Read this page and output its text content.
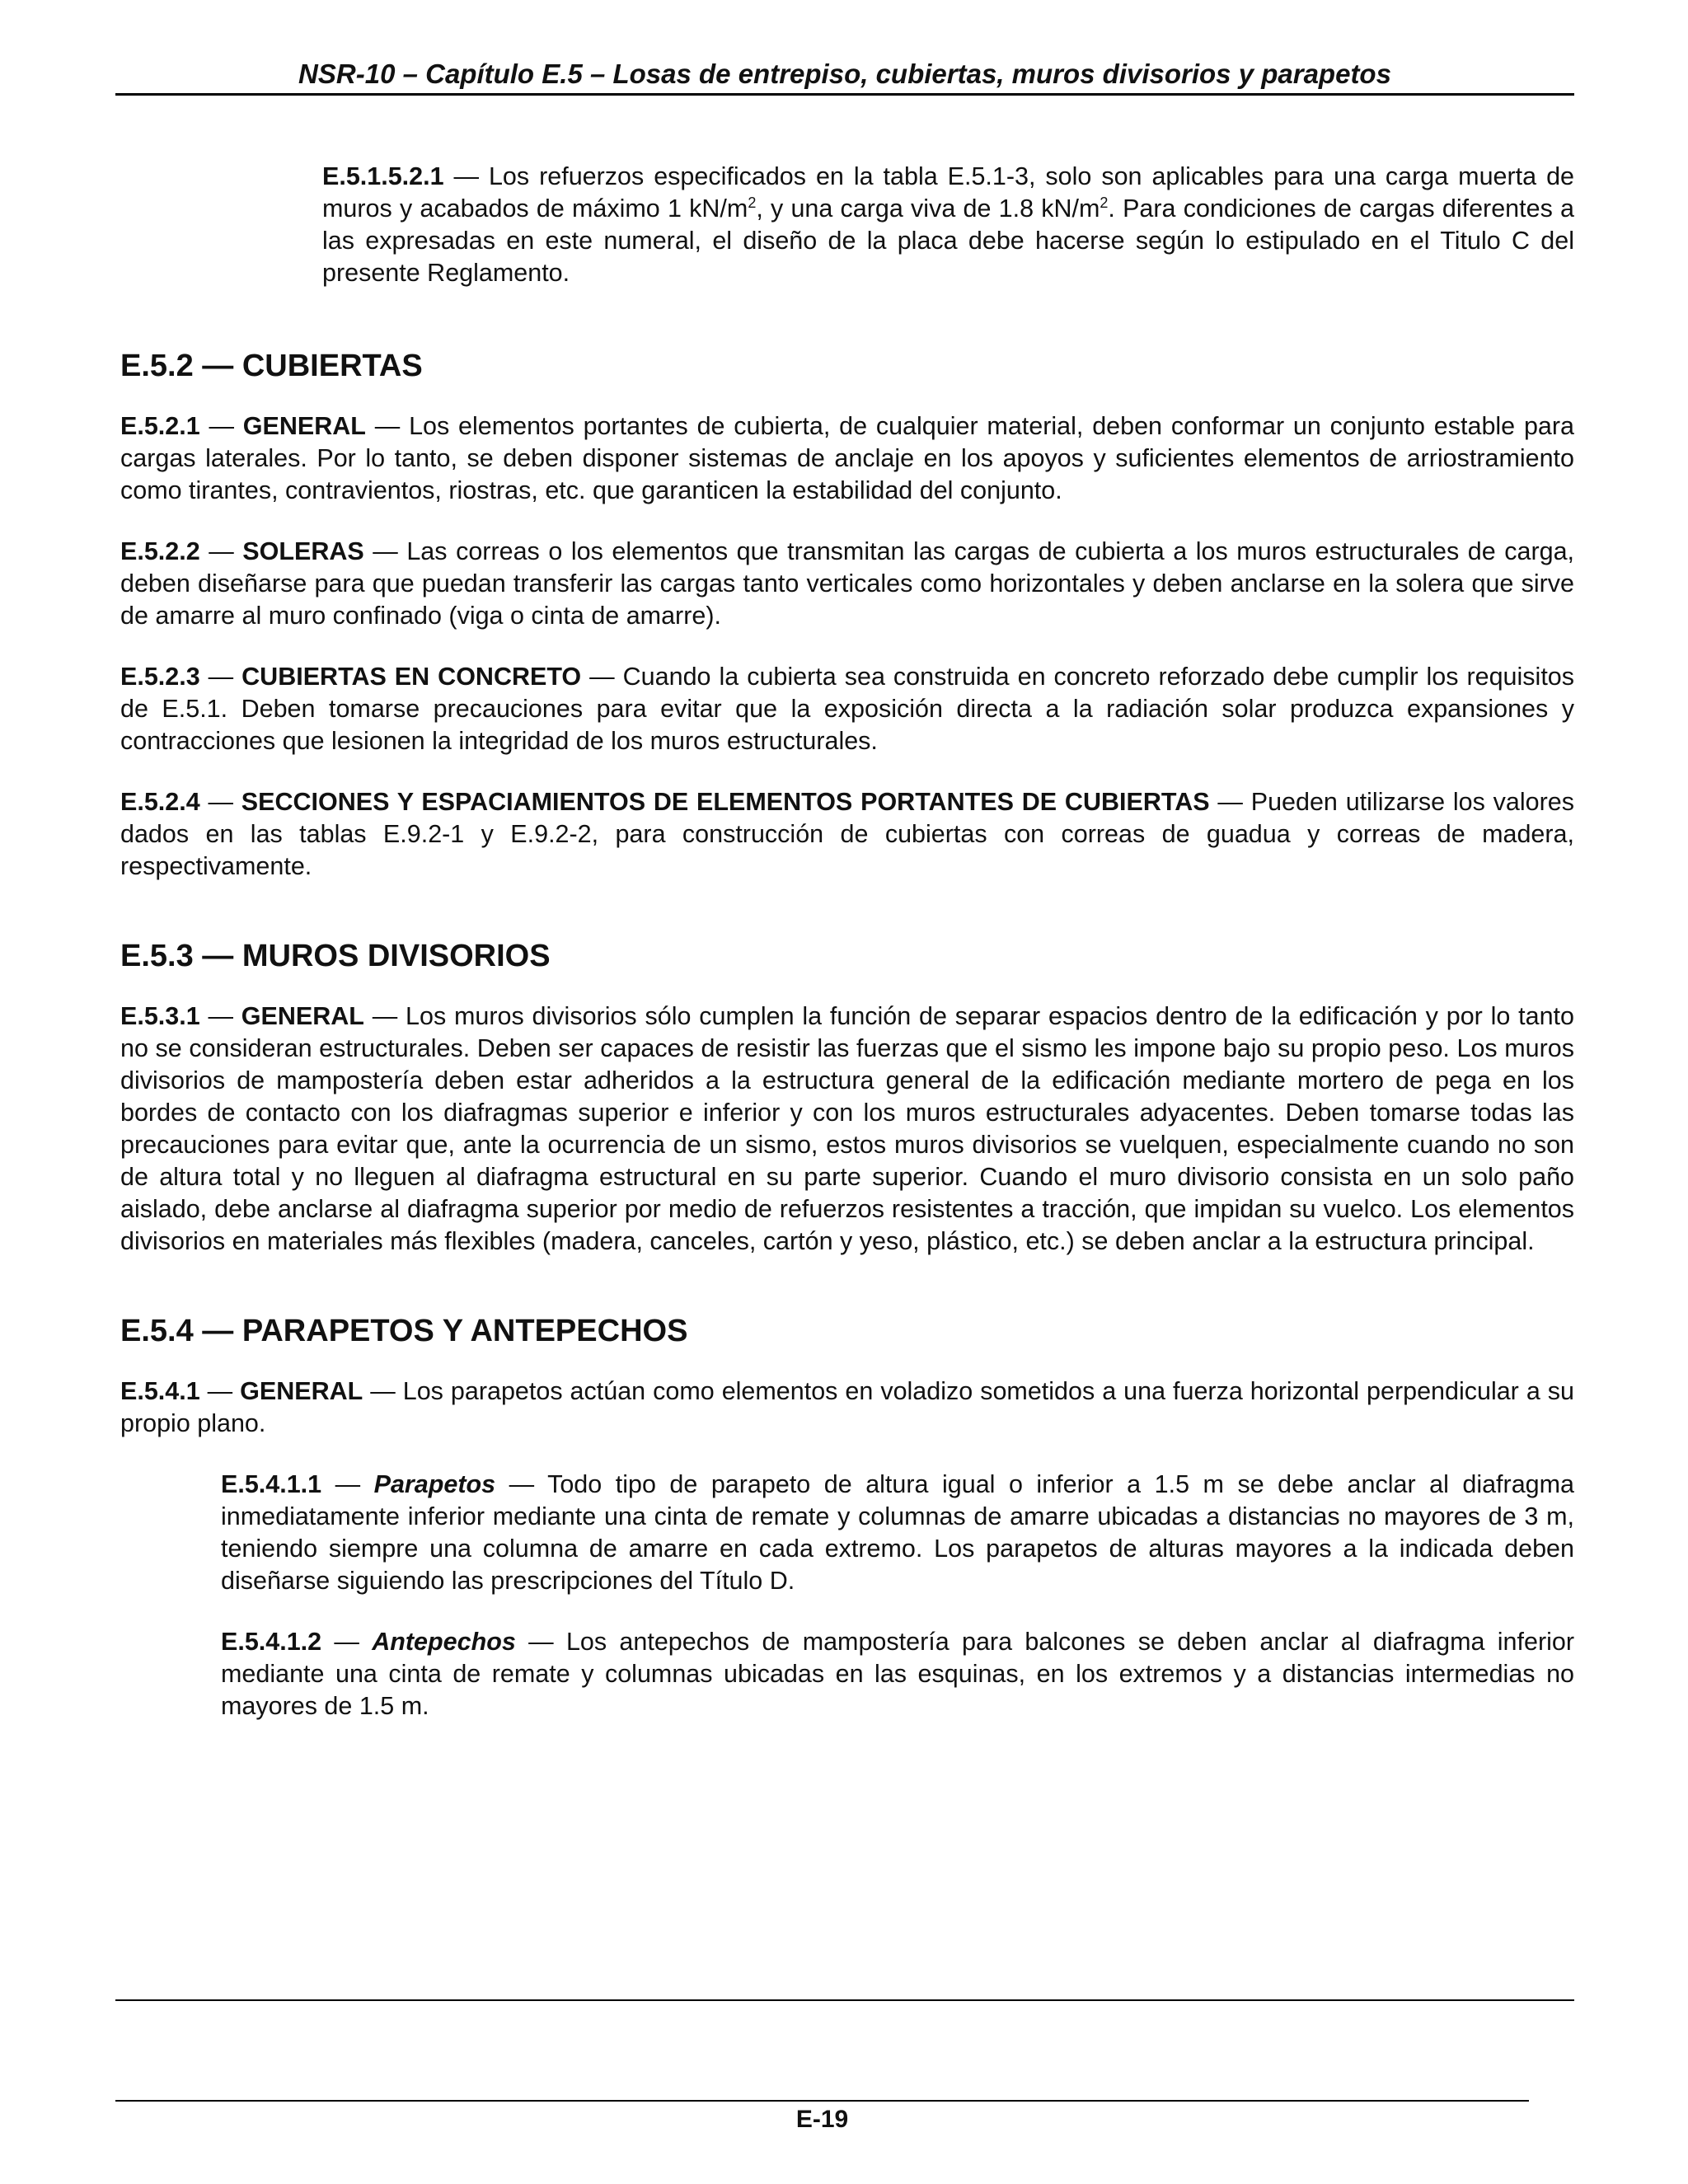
NSR-10 – Capítulo E.5 – Losas de entrepiso, cubiertas, muros divisorios y parapetos

E.5.1.5.2.1 — Los refuerzos especificados en la tabla E.5.1-3, solo son aplicables para una carga muerta de muros y acabados de máximo 1 $kN/m^2$, y una carga viva de 1.8 $kN/m^2$. Para condiciones de cargas diferentes a las expresadas en este numeral, el diseño de la placa debe hacerse según lo estipulado en el Titulo C del presente Reglamento.

E.5.2 — CUBIERTAS

E.5.2.1 — GENERAL — Los elementos portantes de cubierta, de cualquier material, deben conformar un conjunto estable para cargas laterales. Por lo tanto, se deben disponer sistemas de anclaje en los apoyos y suficientes elementos de arriostramiento como tirantes, contravientos, riostras, etc. que garanticen la estabilidad del conjunto.

E.5.2.2 — SOLERAS — Las correas o los elementos que transmitan las cargas de cubierta a los muros estructurales de carga, deben diseñarse para que puedan transferir las cargas tanto verticales como horizontales y deben anclarse en la solera que sirve de amarre al muro confinado (viga o cinta de amarre).

E.5.2.3 — CUBIERTAS EN CONCRETO — Cuando la cubierta sea construida en concreto reforzado debe cumplir los requisitos de E.5.1. Deben tomarse precauciones para evitar que la exposición directa a la radiación solar produzca expansiones y contracciones que lesionen la integridad de los muros estructurales.

E.5.2.4 — SECCIONES Y ESPACIAMIENTOS DE ELEMENTOS PORTANTES DE CUBIERTAS — Pueden utilizarse los valores dados en las tablas E.9.2-1 y E.9.2-2, para construcción de cubiertas con correas de guadua y correas de madera, respectivamente.

E.5.3 — MUROS DIVISORIOS

E.5.3.1 — GENERAL — Los muros divisorios sólo cumplen la función de separar espacios dentro de la edificación y por lo tanto no se consideran estructurales. Deben ser capaces de resistir las fuerzas que el sismo les impone bajo su propio peso. Los muros divisorios de mampostería deben estar adheridos a la estructura general de la edificación mediante mortero de pega en los bordes de contacto con los diafragmas superior e inferior y con los muros estructurales adyacentes. Deben tomarse todas las precauciones para evitar que, ante la ocurrencia de un sismo, estos muros divisorios se vuelquen, especialmente cuando no son de altura total y no lleguen al diafragma estructural en su parte superior. Cuando el muro divisorio consista en un solo paño aislado, debe anclarse al diafragma superior por medio de refuerzos resistentes a tracción, que impidan su vuelco. Los elementos divisorios en materiales más flexibles (madera, canceles, cartón y yeso, plástico, etc.) se deben anclar a la estructura principal.

E.5.4 — PARAPETOS Y ANTEPECHOS

E.5.4.1 — GENERAL — Los parapetos actúan como elementos en voladizo sometidos a una fuerza horizontal perpendicular a su propio plano.

E.5.4.1.1 — Parapetos — Todo tipo de parapeto de altura igual o inferior a 1.5 m se debe anclar al diafragma inmediatamente inferior mediante una cinta de remate y columnas de amarre ubicadas a distancias no mayores de 3 m, teniendo siempre una columna de amarre en cada extremo. Los parapetos de alturas mayores a la indicada deben diseñarse siguiendo las prescripciones del Título D.

E.5.4.1.2 — Antepechos — Los antepechos de mampostería para balcones se deben anclar al diafragma inferior mediante una cinta de remate y columnas ubicadas en las esquinas, en los extremos y a distancias intermedias no mayores de 1.5 m.

E-19
